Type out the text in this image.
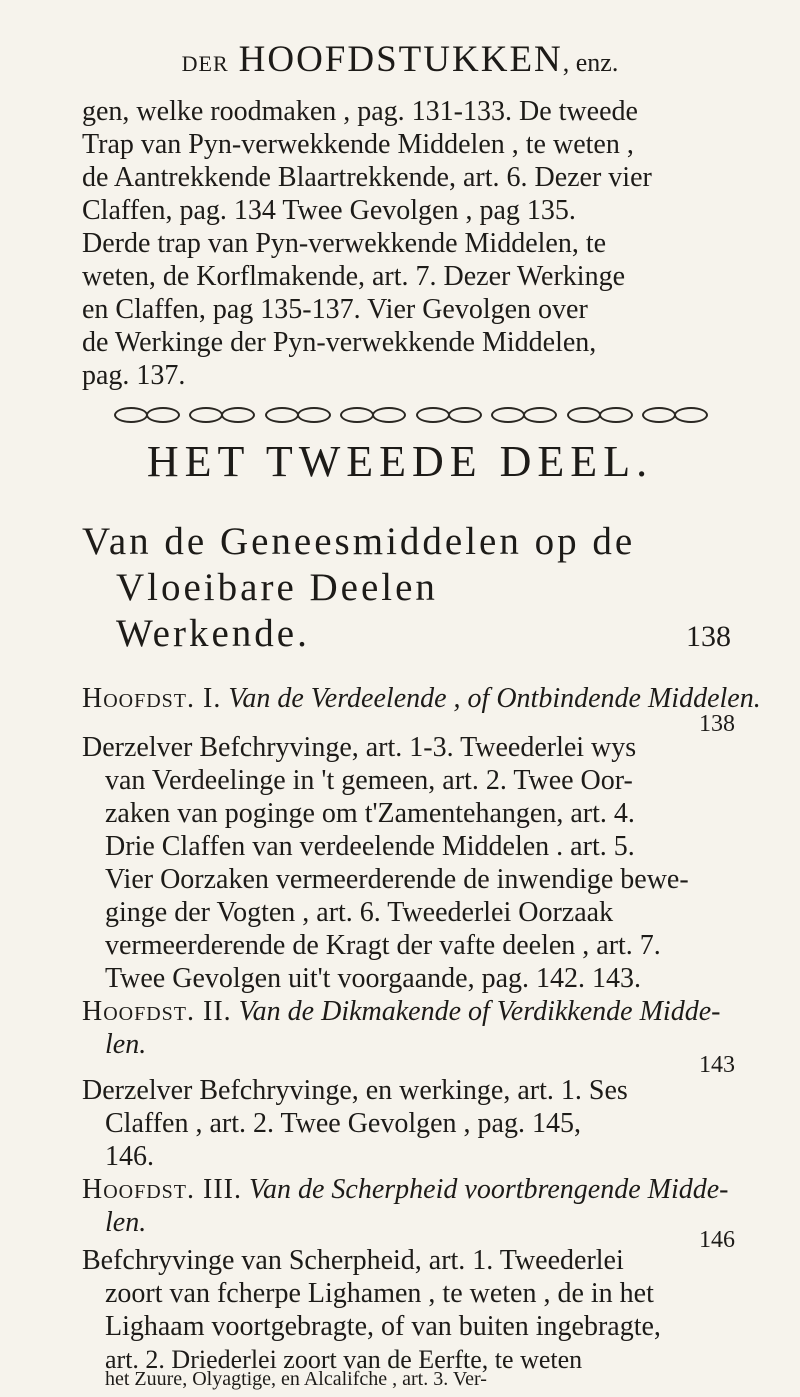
DER HOOFDSTUKKEN, enz.
gen, welke roodmaken , pag. 131-133. De tweede
Trap van Pyn-verwekkende Middelen , te weten ,
de Aantrekkende Blaartrekkende, art. 6. Dezer vier
Claffen, pag. 134 Twee Gevolgen , pag 135.
Derde trap van Pyn-verwekkende Middelen, te
weten, de Korflmakende, art. 7. Dezer Werkinge
en Claffen, pag 135-137. Vier Gevolgen over
de Werkinge der Pyn-verwekkende Middelen,
pag. 137.
HET TWEEDE DEEL.
Van de Geneesmiddelen op de
Vloeibare Deelen
Werkende.	138
Hoofdst. I. Van de Verdeelende , of Ontbindende Middelen.
138
Derzelver Befchryvinge, art. 1-3. Tweederlei wys
van Verdeelinge in 't gemeen, art. 2. Twee Oor-
zaken van poginge om t'Zamentehangen, art. 4.
Drie Claffen van verdeelende Middelen . art. 5.
Vier Oorzaken vermeerderende de inwendige bewe-
ginge der Vogten , art. 6. Tweederlei Oorzaak
vermeerderende de Kragt der vafte deelen , art. 7.
Twee Gevolgen uit't voorgaande, pag. 142. 143.
Hoofdst. II. Van de Dikmakende of Verdikkende Midde-
len.
143
Derzelver Befchryvinge, en werkinge, art. 1. Ses
Claffen , art. 2. Twee Gevolgen , pag. 145,
146.
Hoofdst. III. Van de Scherpheid voortbrengende Midde-
len.
146
Befchryvinge van Scherpheid, art. 1. Tweederlei
zoort van fcherpe Lighamen , te weten , de in het
Lighaam voortgebragte, of van buiten ingebragte,
art. 2. Driederlei zoort van de Eerfte, te weten
het Zuure, Olyagtige, en Alcalifche , art. 3. Ver-
